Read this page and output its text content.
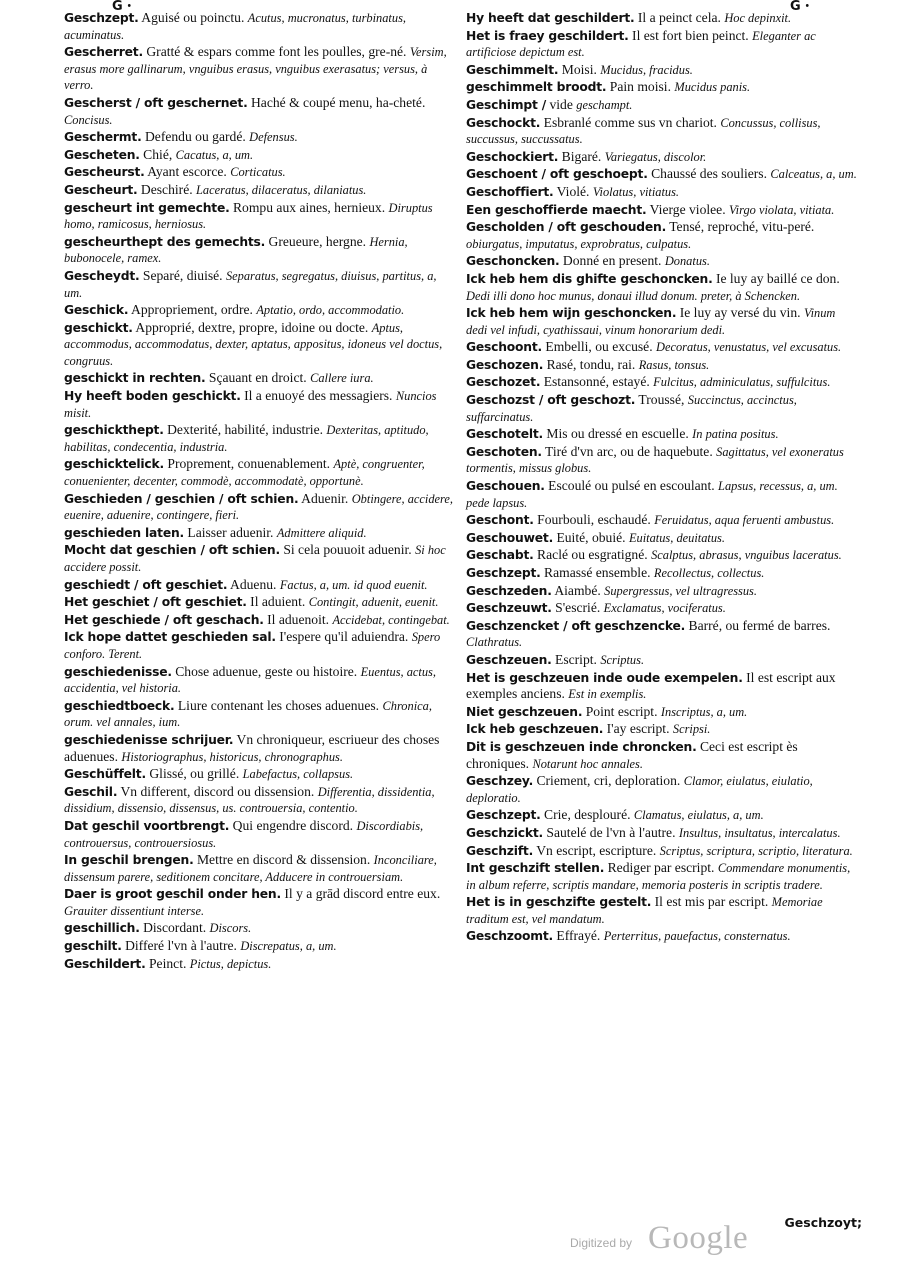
G ꞏ	G ꞏ

Geschzept. Aguisé ou poinctu. Acutus, mucronatus, turbinatus, acuminatus.

Gescherret. Gratté & espars comme font les poulles, gre-né. Versim, erasus more gallinarum, vnguibus erasus, vnguibus exerasatus; versus, à verro.

Gescherst / oft geschernet. Haché & coupé menu, ha-cheté. Concisus.

Geschermt. Defendu ou gardé. Defensus.

Gescheten. Chié, Cacatus, a, um.

Gescheurst. Ayant escorce. Corticatus.

Gescheurt. Deschiré. Laceratus, dilaceratus, dilaniatus.

gescheurt int gemechte. Rompu aux aines, hernieux. Diruptus homo, ramicosus, herniosus.

gescheurthept des gemechts. Greueure, hergne. Hernia, bubonocele, ramex.

Gescheydt. Separé, diuisé. Separatus, segregatus, diuisus, partitus, a, um.

Geschick. Appropriement, ordre. Aptatio, ordo, accommodatio.

geschickt. Approprié, dextre, propre, idoine ou docte. Aptus, accommodus, accommodatus, dexter, aptatus, appositus, idoneus vel doctus, congruus.

geschickt in rechten. Sçauant en droict. Callere iura.

Hy heeft boden geschickt. Il a enuoyé des messagiers. Nuncios misit.

geschickthept. Dexterité, habilité, industrie. Dexteritas, aptitudo, habilitas, condecentia, industria.

geschicktelick. Proprement, conuenablement. Aptè, congruenter, conuenienter, decenter, commodè, accommodatè, opportunè.

Geschieden / geschien / oft schien. Aduenir. Obtingere, accidere, euenire, aduenire, contingere, fieri.

geschieden laten. Laisser aduenir. Admittere aliquid.

Mocht dat geschien / oft schien. Si cela pouuoit aduenir. Si hoc accidere possit.

geschiedt / oft geschiet. Aduenu. Factus, a, um. id quod euenit.

Het geschiet / oft geschiet. Il aduient. Contingit, aduenit, euenit.

Het geschiede / oft geschach. Il aduenoit. Accidebat, contingebat.

Ick hope dattet geschieden sal. I'espere qu'il aduiendra. Spero conforo. Terent.

geschiedenisse. Chose aduenue, geste ou histoire. Euentus, actus, accidentia, vel historia.

geschiedtboeck. Liure contenant les choses aduenues. Chronica, orum. vel annales, ium.

geschiedenisse schrijuer. Vn chroniqueur, escriueur des choses aduenues. Historiographus, historicus, chronographus.

Geschüffelt. Glissé, ou grillé. Labefactus, collapsus.

Geschil. Vn different, discord ou dissension. Differentia, dissidentia, dissidium, dissensio, dissensus, us. controuersia, contentio.

Dat geschil voortbrengt. Qui engendre discord. Discordiabis, controuersus, controuersiosus.

In geschil brengen. Mettre en discord & dissension. Inconciliare, dissensum parere, seditionem concitare, Adducere in controuersiam.

Daer is groot geschil onder hen. Il y a grād discord entre eux. Grauiter dissentiunt interse.

geschillich. Discordant. Discors.

geschilt. Differé l'vn à l'autre. Discrepatus, a, um.

Geschildert. Peinct. Pictus, depictus.

Hy heeft dat geschildert. Il a peinct cela. Hoc depinxit.

Het is fraey geschildert. Il est fort bien peinct. Eleganter ac artificiose depictum est.

Geschimmelt. Moisi. Mucidus, fracidus.

geschimmelt broodt. Pain moisi. Mucidus panis.

Geschimpt / vide geschampt.

Geschockt. Esbranlé comme sus vn chariot. Concussus, collisus, succussus, succussatus.

Geschockiert. Bigaré. Variegatus, discolor.

Geschoent / oft geschoept. Chaussé des souliers. Calceatus, a, um.

Geschoffiert. Violé. Violatus, vitiatus.

Een geschoffierde maecht. Vierge violee. Virgo violata, vitiata.

Gescholden / oft geschouden. Tensé, reproché, vitu-peré. obiurgatus, imputatus, exprobratus, culpatus.

Geschoncken. Donné en present. Donatus.

Ick heb hem dis ghifte geschoncken. Ie luy ay baillé ce don. Dedi illi dono hoc munus, donaui illud donum. preter, à Schencken.

Ick heb hem wijn geschoncken. Ie luy ay versé du vin. Vinum dedi vel infudi, cyathissaui, vinum honorarium dedi.

Geschoont. Embelli, ou excusé. Decoratus, venustatus, vel excusatus.

Geschozen. Rasé, tondu, rai. Rasus, tonsus.

Geschozet. Estansonné, estayé. Fulcitus, adminiculatus, suffulcitus.

Geschozst / oft geschozt. Troussé, Succinctus, accinctus, suffarcinatus.

Geschotelt. Mis ou dressé en escuelle. In patina positus.

Geschoten. Tiré d'vn arc, ou de haquebute. Sagittatus, vel exoneratus tormentis, missus globus.

Geschouen. Escoulé ou pulsé en escoulant. Lapsus, recessus, a, um. pede lapsus.

Geschont. Fourbouli, eschaudé. Feruidatus, aqua feruenti ambustus.

Geschouwet. Euité, obuié. Euitatus, deuitatus.

Geschabt. Raclé ou esgratigné. Scalptus, abrasus, vnguibus laceratus.

Geschzept. Ramassé ensemble. Recollectus, collectus.

Geschzeden. Aiambé. Supergressus, vel ultragressus.

Geschzeuwt. S'escrié. Exclamatus, vociferatus.

Geschzencket / oft geschzencke. Barré, ou fermé de barres. Clathratus.

Geschzeuen. Escript. Scriptus.

Het is geschzeuen inde oude exempelen. Il est escript aux exemples anciens. Est in exemplis.

Niet geschzeuen. Point escript. Inscriptus, a, um.

Ick heb geschzeuen. I'ay escript. Scripsi.

Dit is geschzeuen inde chroncken. Ceci est escript ès chroniques. Notarunt hoc annales.

Geschzey. Criement, cri, deploration. Clamor, eiulatus, eiulatio, deploratio.

Geschzept. Crie, desplouré. Clamatus, eiulatus, a, um.

Geschzickt. Sautelé de l'vn à l'autre. Insultus, insultatus, intercalatus.

Geschzift. Vn escript, escripture. Scriptus, scriptura, scriptio, literatura.

Int geschzift stellen. Rediger par escript. Commendare monumentis, in album referre, scriptis mandare, memoria posteris in scriptis tradere.

Het is in geschzifte gestelt. Il est mis par escript. Memoriae traditum est, vel mandatum.

Geschzoomt. Effrayé. Perterritus, pauefactus, consternatus.

Geschzoyt;
Digitized by Google
